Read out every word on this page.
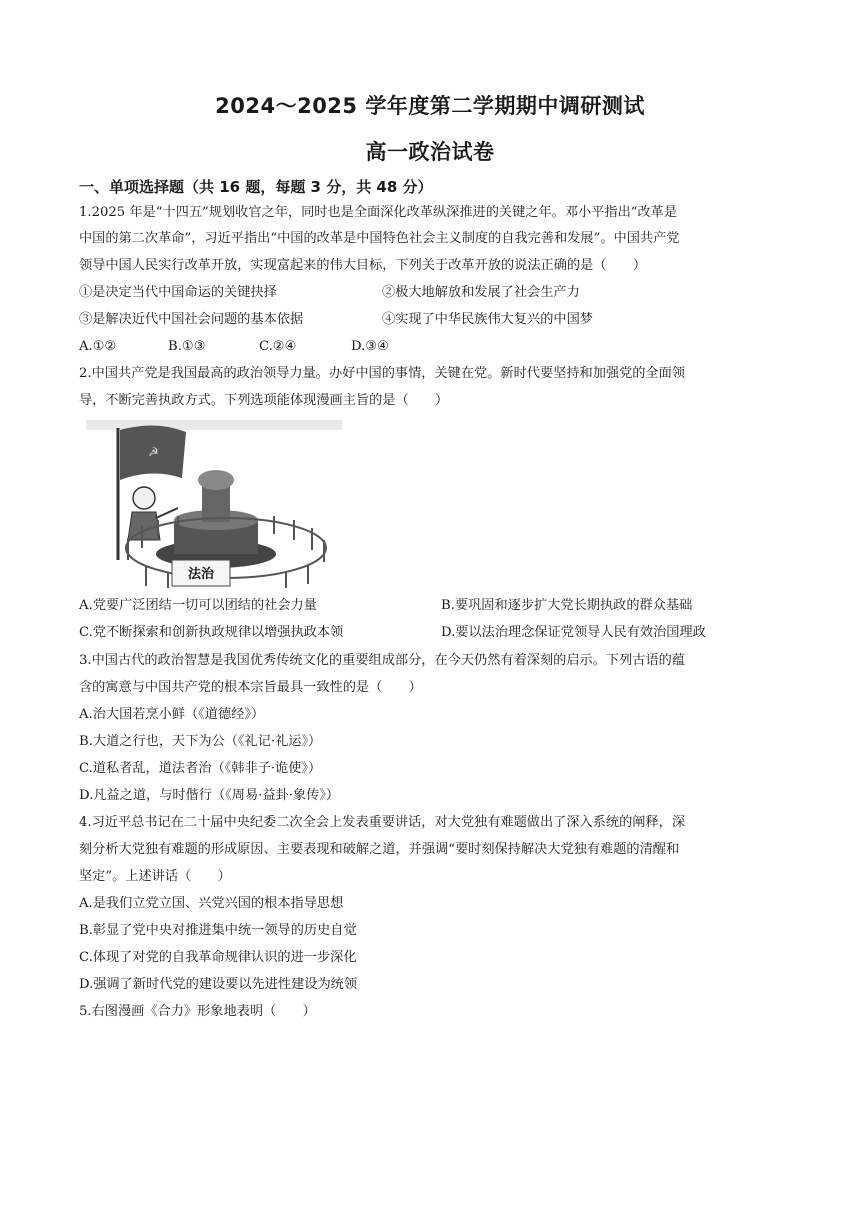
2024～2025 学年度第二学期期中调研测试
高一政治试卷
一、单项选择题（共 16 题，每题 3 分，共 48 分）
1.2025 年是“十四五”规划收官之年，同时也是全面深化改革纵深推进的关键之年。邓小平指出“改革是
中国的第二次革命”，习近平指出“中国的改革是中国特色社会主义制度的自我完善和发展”。中国共产党
领导中国人民实行改革开放，实现富起来的伟大目标，下列关于改革开放的说法正确的是（　　）
①是决定当代中国命运的关键抉择	②极大地解放和发展了社会生产力
③是解决近代中国社会问题的基本依据	④实现了中华民族伟大复兴的中国梦
A.①②	B.①③	C.②④	D.③④
2.中国共产党是我国最高的政治领导力量。办好中国的事情，关键在党。新时代要坚持和加强党的全面领
导，不断完善执政方式。下列选项能体现漫画主旨的是（　　）
☭
法治
A.党要广泛团结一切可以团结的社会力量	B.要巩固和逐步扩大党长期执政的群众基础
C.党不断探索和创新执政规律以增强执政本领	D.要以法治理念保证党领导人民有效治国理政
3.中国古代的政治智慧是我国优秀传统文化的重要组成部分，在今天仍然有着深刻的启示。下列古语的蕴
含的寓意与中国共产党的根本宗旨最具一致性的是（　　）
A.治大国若烹小鲜（《道德经》）
B.大道之行也，天下为公（《礼记·礼运》）
C.道私者乱，道法者治（《韩非子·诡使》）
D.凡益之道，与时偕行（《周易·益卦·象传》）
4.习近平总书记在二十届中央纪委二次全会上发表重要讲话，对大党独有难题做出了深入系统的阐释，深
刻分析大党独有难题的形成原因、主要表现和破解之道，并强调“要时刻保持解决大党独有难题的清醒和
坚定”。上述讲话（　　）
A.是我们立党立国、兴党兴国的根本指导思想
B.彰显了党中央对推进集中统一领导的历史自觉
C.体现了对党的自我革命规律认识的进一步深化
D.强调了新时代党的建设要以先进性建设为统领
5.右图漫画《合力》形象地表明（　　）
